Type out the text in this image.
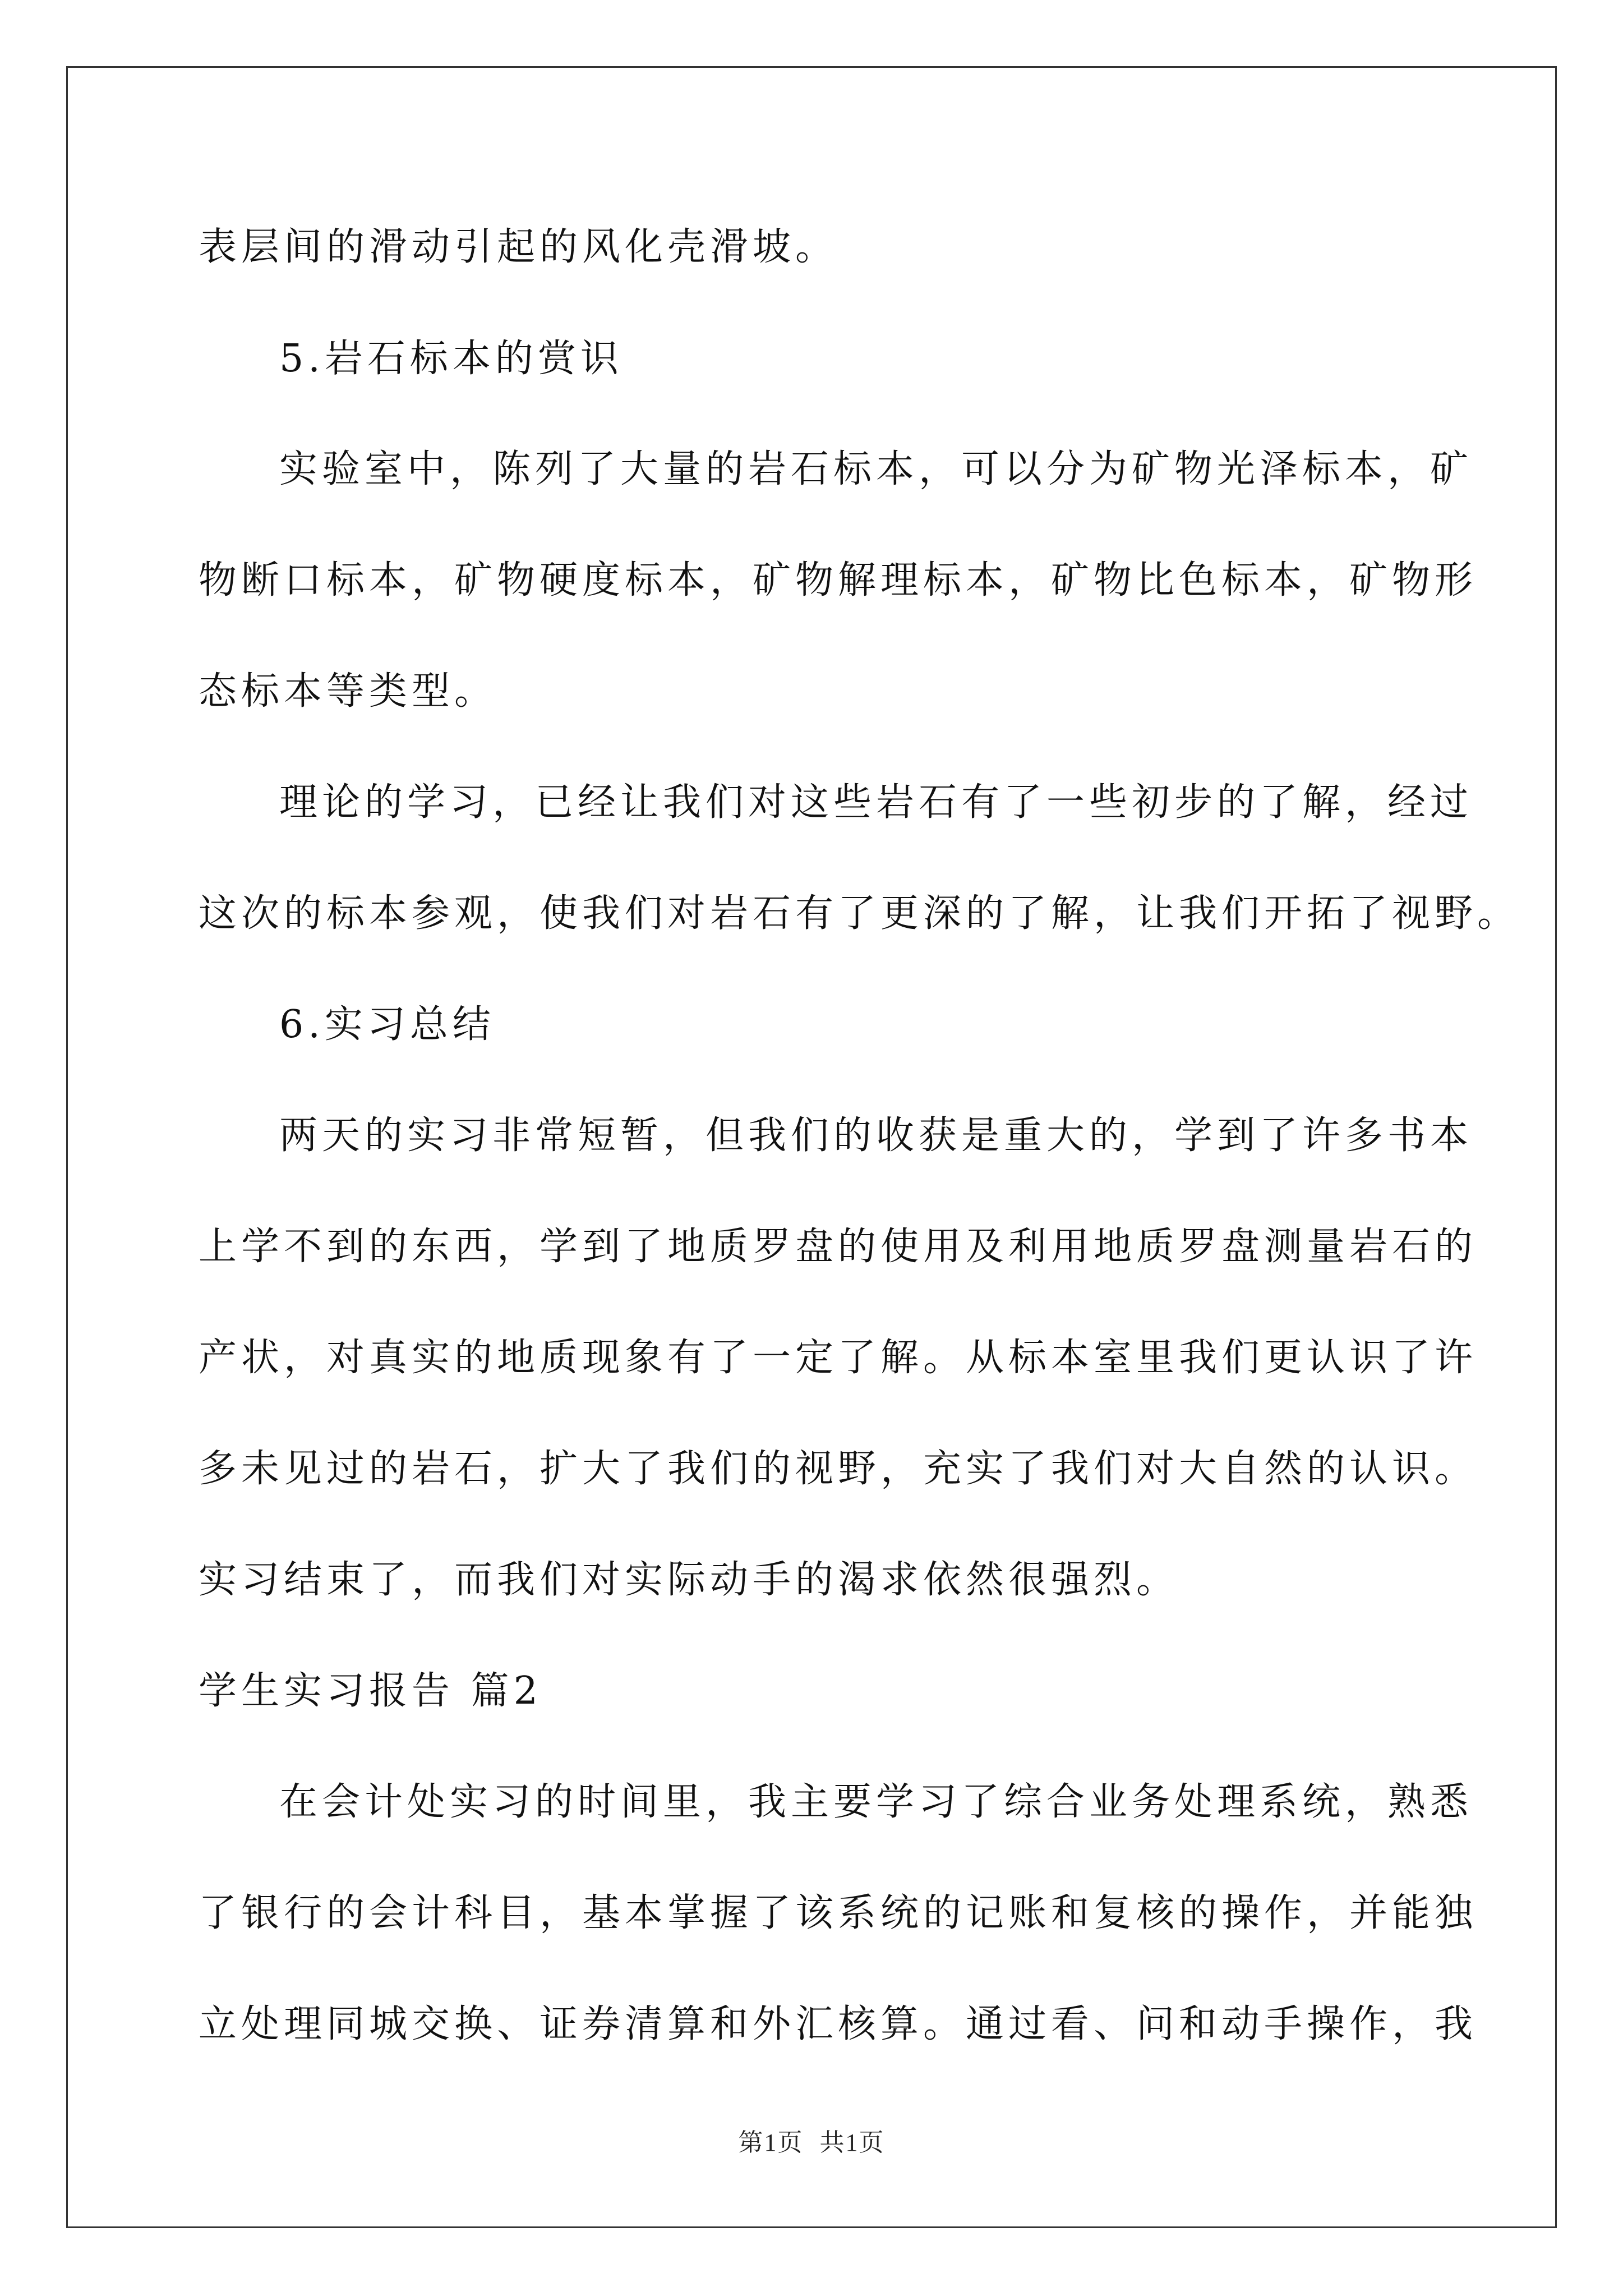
表层间的滑动引起的风化壳滑坡。
5.岩石标本的赏识
实验室中，陈列了大量的岩石标本，可以分为矿物光泽标本，矿
物断口标本，矿物硬度标本，矿物解理标本，矿物比色标本，矿物形
态标本等类型。
理论的学习，已经让我们对这些岩石有了一些初步的了解，经过
这次的标本参观，使我们对岩石有了更深的了解，让我们开拓了视野。
6.实习总结
两天的实习非常短暂，但我们的收获是重大的，学到了许多书本
上学不到的东西，学到了地质罗盘的使用及利用地质罗盘测量岩石的
产状，对真实的地质现象有了一定了解。从标本室里我们更认识了许
多未见过的岩石，扩大了我们的视野，充实了我们对大自然的认识。
实习结束了，而我们对实际动手的渴求依然很强烈。
学生实习报告 篇2
在会计处实习的时间里，我主要学习了综合业务处理系统，熟悉
了银行的会计科目，基本掌握了该系统的记账和复核的操作，并能独
立处理同城交换、证券清算和外汇核算。通过看、问和动手操作，我
第1页 共1页
